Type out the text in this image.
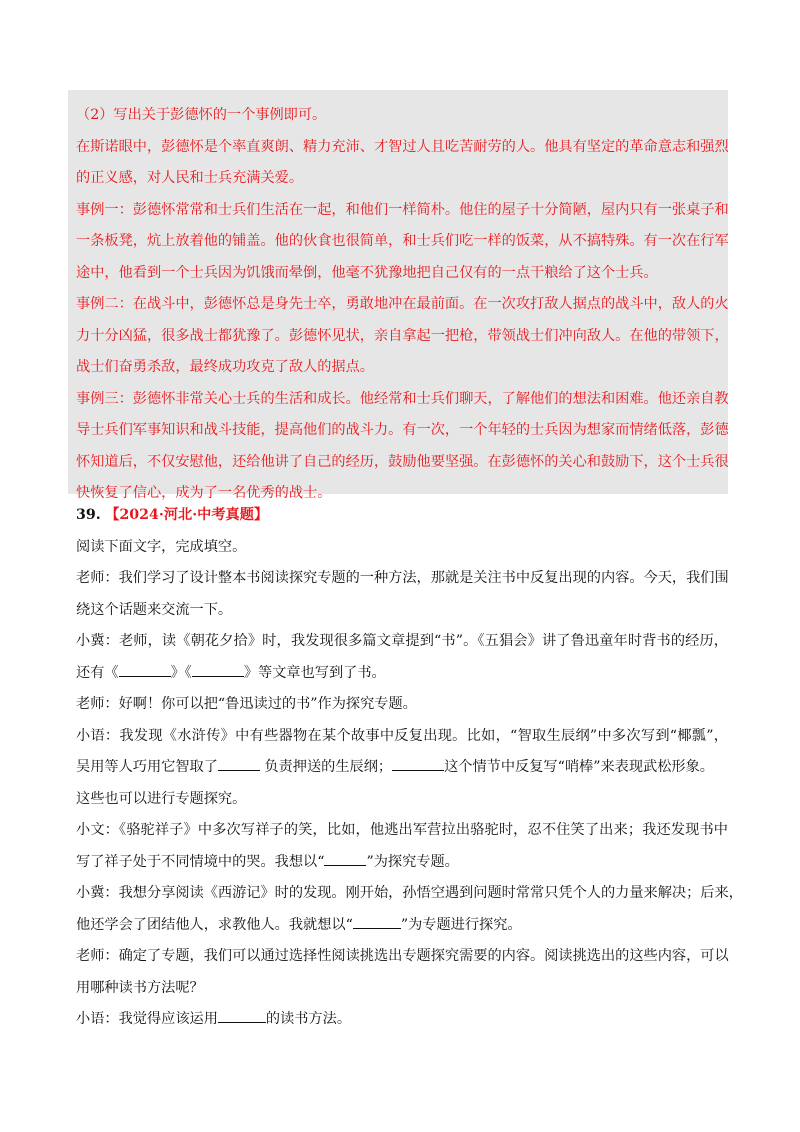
（2）写出关于彭德怀的一个事例即可。
在斯诺眼中，彭德怀是个率直爽朗、精力充沛、才智过人且吃苦耐劳的人。他具有坚定的革命意志和强烈
的正义感，对人民和士兵充满关爱。
事例一：彭德怀常常和士兵们生活在一起，和他们一样简朴。他住的屋子十分简陋，屋内只有一张桌子和
一条板凳，炕上放着他的铺盖。他的伙食也很简单，和士兵们吃一样的饭菜，从不搞特殊。有一次在行军
途中，他看到一个士兵因为饥饿而晕倒，他毫不犹豫地把自己仅有的一点干粮给了这个士兵。
事例二：在战斗中，彭德怀总是身先士卒，勇敢地冲在最前面。在一次攻打敌人据点的战斗中，敌人的火
力十分凶猛，很多战士都犹豫了。彭德怀见状，亲自拿起一把枪，带领战士们冲向敌人。在他的带领下，
战士们奋勇杀敌，最终成功攻克了敌人的据点。
事例三：彭德怀非常关心士兵的生活和成长。他经常和士兵们聊天，了解他们的想法和困难。他还亲自教
导士兵们军事知识和战斗技能，提高他们的战斗力。有一次，一个年轻的士兵因为想家而情绪低落，彭德
怀知道后，不仅安慰他，还给他讲了自己的经历，鼓励他要坚强。在彭德怀的关心和鼓励下，这个士兵很
快恢复了信心，成为了一名优秀的战士。
39. 【2024·河北·中考真题】
阅读下面文字，完成填空。
老师：我们学习了设计整本书阅读探究专题的一种方法，那就是关注书中反复出现的内容。今天，我们围
绕这个话题来交流一下。
小冀：老师，读《朝花夕拾》时，我发现很多篇文章提到“书”。《五猖会》讲了鲁迅童年时背书的经历，
还有《	》《	》等文章也写到了书。
老师：好啊！你可以把“鲁迅读过的书”作为探究专题。
小语：我发现《水浒传》中有些器物在某个故事中反复出现。比如，“智取生辰纲”中多次写到“椰瓢”，
吴用等人巧用它智取了	负责押送的生辰纲；	这个情节中反复写“哨棒”来表现武松形象。
这些也可以进行专题探究。
小文：《骆驼祥子》中多次写祥子的笑，比如，他逃出军营拉出骆驼时，忍不住笑了出来；我还发现书中
写了祥子处于不同情境中的哭。我想以“	”为探究专题。
小冀：我想分享阅读《西游记》时的发现。刚开始，孙悟空遇到问题时常常只凭个人的力量来解决；后来，
他还学会了团结他人，求教他人。我就想以“	”为专题进行探究。
老师：确定了专题，我们可以通过选择性阅读挑选出专题探究需要的内容。阅读挑选出的这些内容，可以
用哪种读书方法呢？
小语：我觉得应该运用	的读书方法。
